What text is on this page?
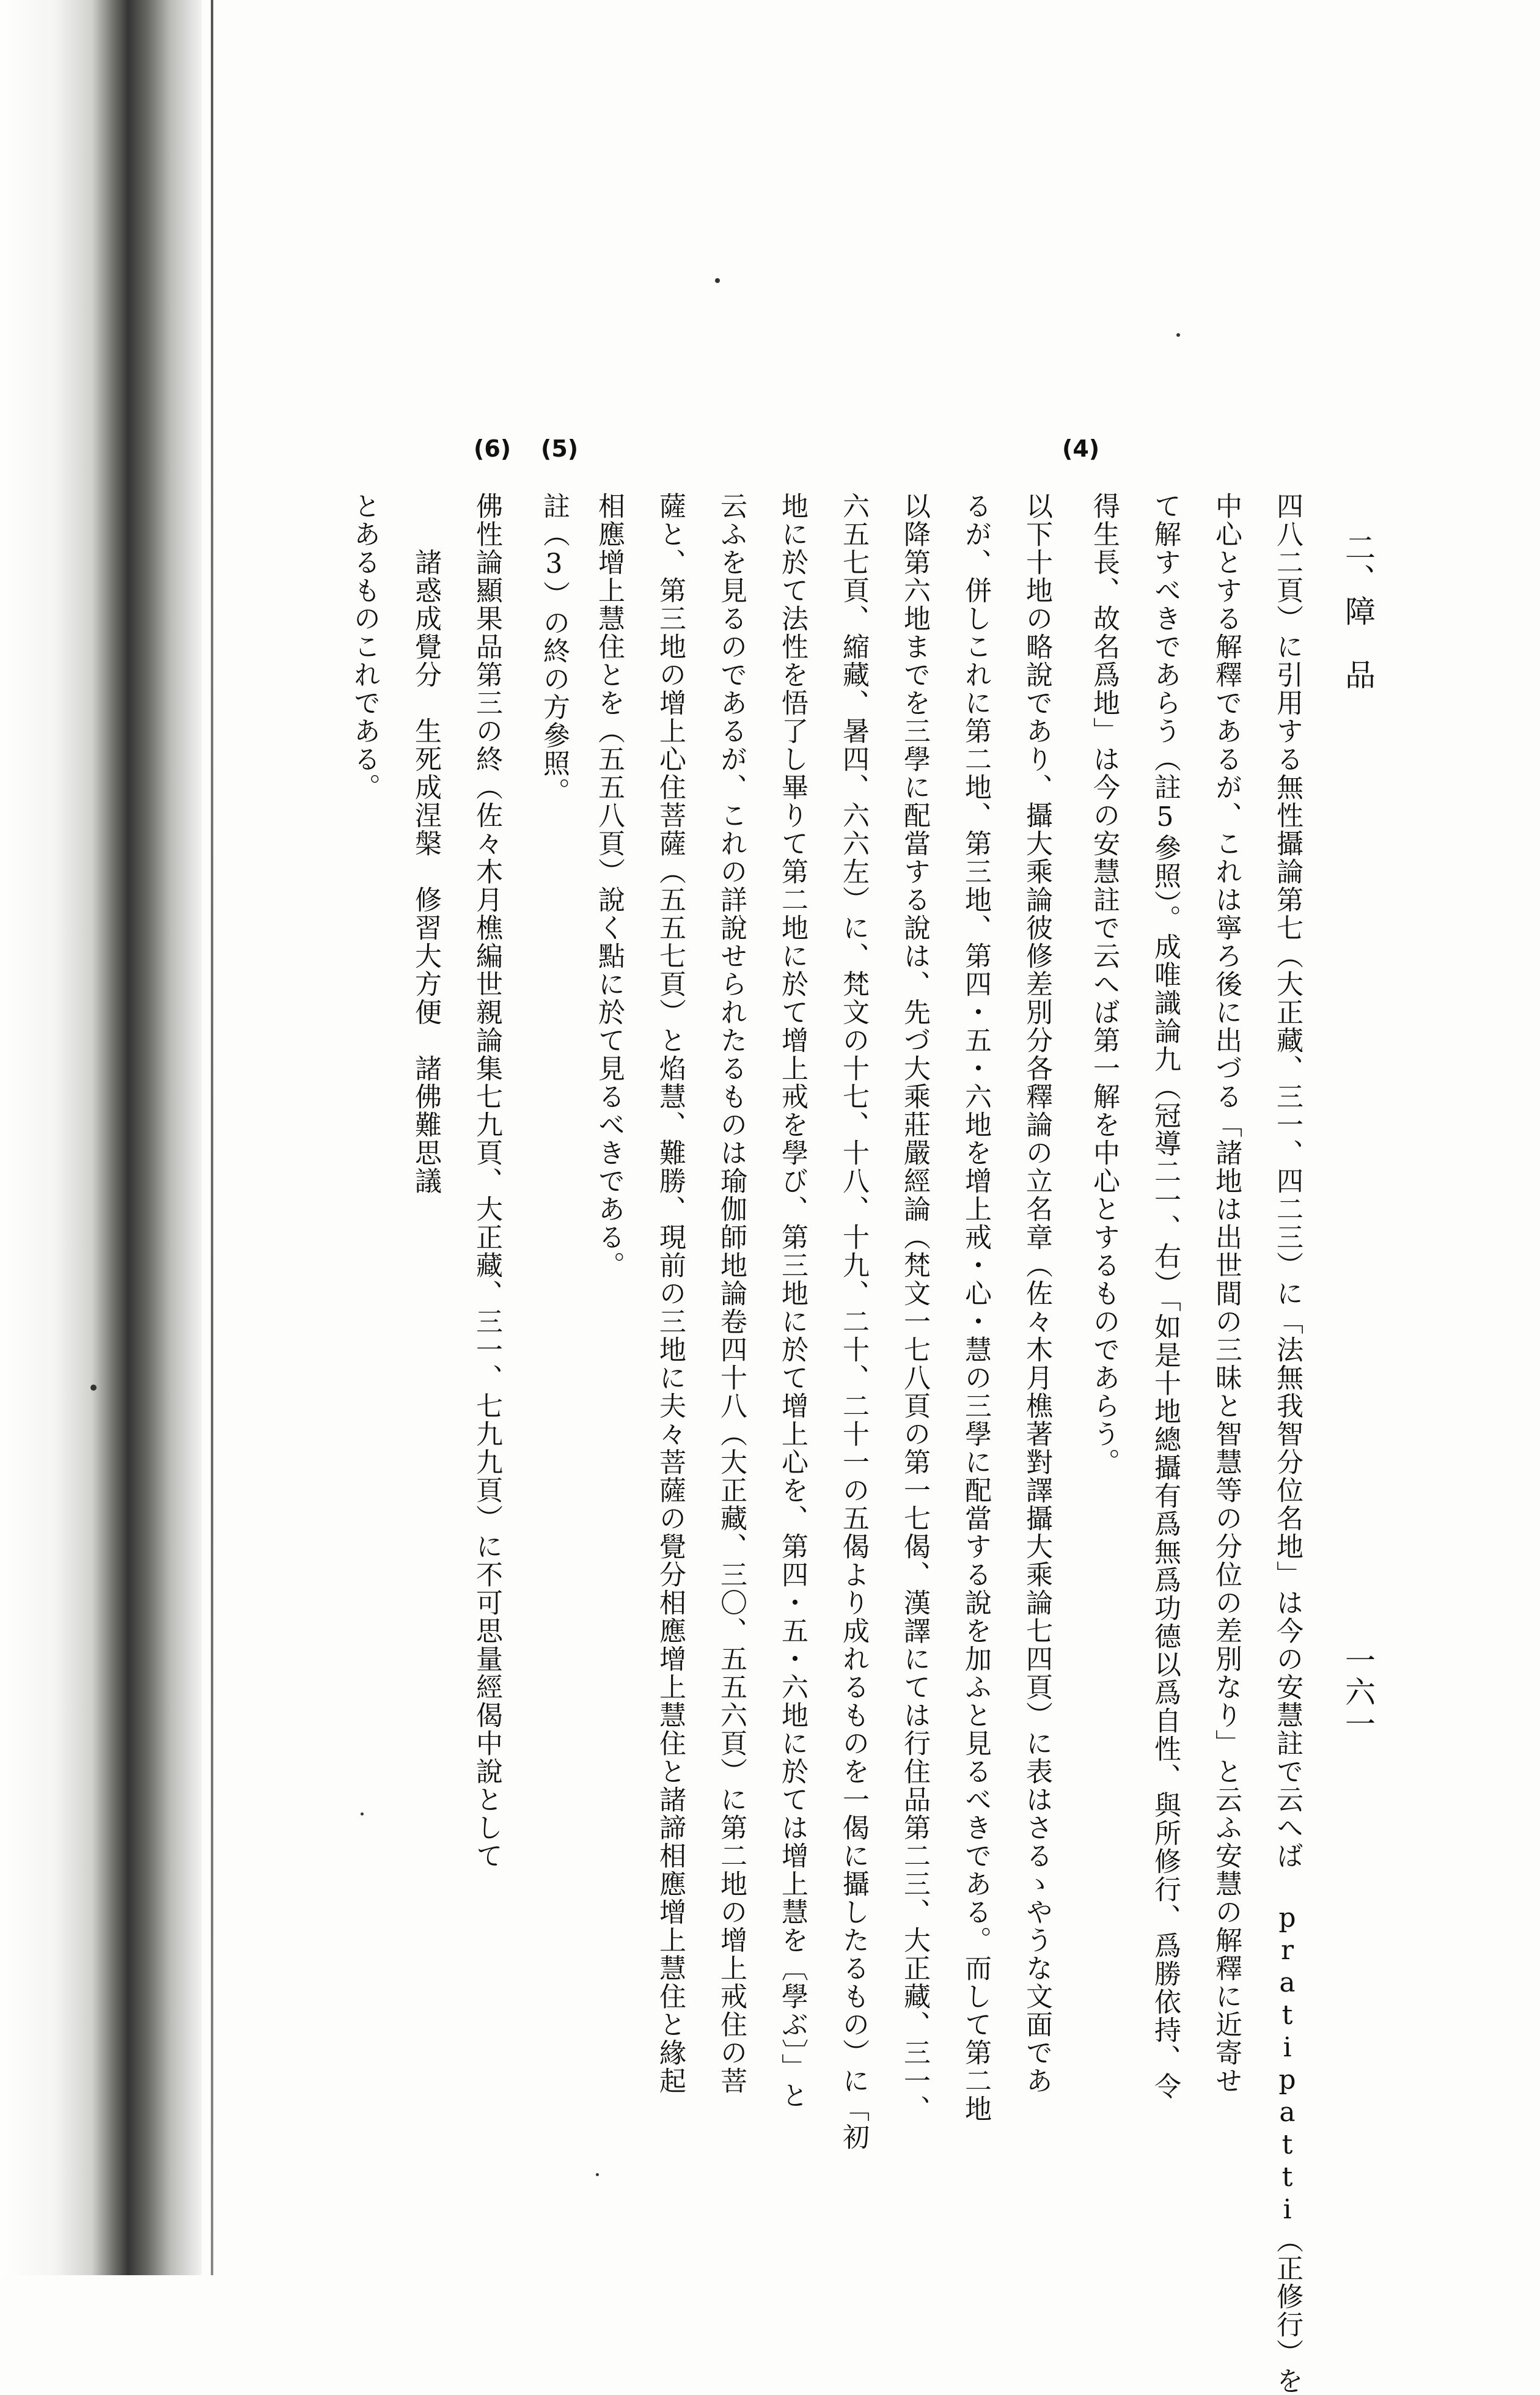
二、障　品
一六一
(4)
(5)
(6)
四八二頁）に引用する無性攝論第七（大正藏、三一、四二三）に「法無我智分位名地」は今の安慧註で云へば pratipatti（正修行）を
中心とする解釋であるが、これは寧ろ後に出づる「諸地は出世間の三昧と智慧等の分位の差別なり」と云ふ安慧の解釋に近寄せ
て解すべきであらう（註5參照）。成唯識論九（冠導二一、右）「如是十地總攝有爲無爲功德以爲自性、與所修行、爲勝依持、令
得生長、故名爲地」は今の安慧註で云へば第一解を中心とするものであらう。
以下十地の略說であり、攝大乘論彼修差別分各釋論の立名章（佐々木月樵著對譯攝大乘論七四頁）に表はさるゝやうな文面であ
るが、併しこれに第二地、第三地、第四・五・六地を增上戒・心・慧の三學に配當する說を加ふと見るべきである。而して第二地
以降第六地までを三學に配當する說は、先づ大乘莊嚴經論（梵文一七八頁の第一七偈、漢譯にては行住品第二三、大正藏、三一、
六五七頁、縮藏、暑四、六六左）に、梵文の十七、十八、十九、二十、二十一の五偈より成れるものを一偈に攝したるもの）に「初
地に於て法性を悟了し畢りて第二地に於て增上戒を學び、第三地に於て增上心を、第四・五・六地に於ては增上慧を〔學ぶ〕」と
云ふを見るのであるが、これの詳說せられたるものは瑜伽師地論卷四十八（大正藏、三〇、五五六頁）に第二地の增上戒住の菩
薩と、第三地の增上心住菩薩（五五七頁）と焰慧、難勝、現前の三地に夫々菩薩の覺分相應增上慧住と諸諦相應增上慧住と緣起
相應增上慧住とを（五五八頁）說く點に於て見るべきである。
註（3）の終の方參照。
佛性論顯果品第三の終（佐々木月樵編世親論集七九頁、大正藏、三一、七九九頁）に不可思量經偈中說として
　　諸惑成覺分　生死成涅槃　修習大方便　諸佛難思議
とあるものこれである。
